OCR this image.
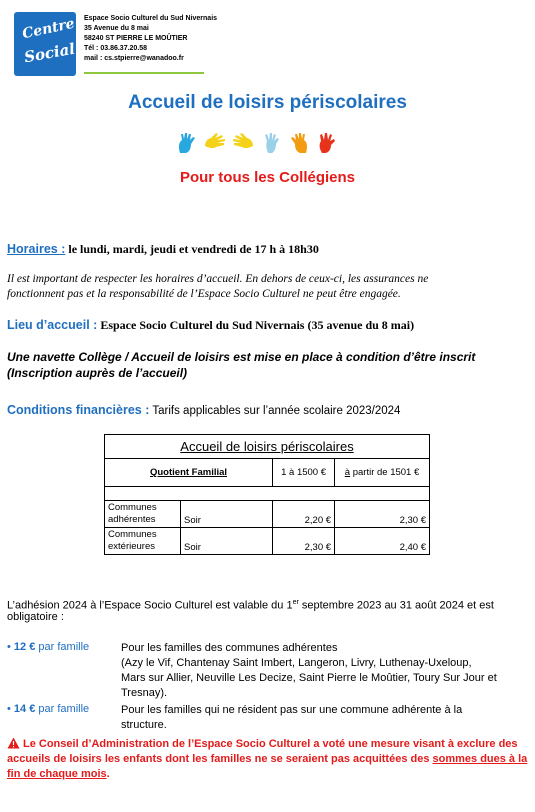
Centre
Social
Espace Socio Culturel du Sud Nivernais
35 Avenue du 8 mai
58240 ST PIERRE LE MOÛTIER
Tél : 03.86.37.20.58
mail : cs.stpierre@wanadoo.fr
Accueil de loisirs périscolaires
Pour tous les Collégiens
Horaires : le lundi, mardi, jeudi et vendredi de 17 h à 18h30
Il est important de respecter les horaires d’accueil. En dehors de ceux-ci, les assurances ne
fonctionnent pas et la responsabilité de l’Espace Socio Culturel ne peut être engagée.
Lieu d’accueil : Espace Socio Culturel du Sud Nivernais (35 avenue du 8 mai)
Une navette Collège / Accueil de loisirs est mise en place à condition d’être inscrit
(Inscription auprès de l’accueil)
Conditions financières : Tarifs applicables sur l’année scolaire 2023/2024
Accueil de loisirs périscolaires			
Quotient Familial		1 à 1500 €	à partir de 1501 €

Communes
adhérentes	Soir	2,20 €	2,30 €

Communes
extérieures	Soir	2,30 €	2,40 €
L’adhésion 2024 à l’Espace Socio Culturel est valable du 1er septembre 2023 au 31 août 2024 et est
obligatoire :
• 12 € par famille	Pour les familles des communes adhérentes
(Azy le Vif, Chantenay Saint Imbert, Langeron, Livry, Luthenay-Uxeloup,
Mars sur Allier, Neuville Les Decize, Saint Pierre le Moûtier, Toury Sur Jour et
Tresnay).
• 14 € par famille	Pour les familles qui ne résident pas sur une commune adhérente à la
structure.
Le Conseil d’Administration de l’Espace Socio Culturel a voté une mesure visant à exclure des
accueils de loisirs les enfants dont les familles ne se seraient pas acquittées des sommes dues à la
fin de chaque mois.
